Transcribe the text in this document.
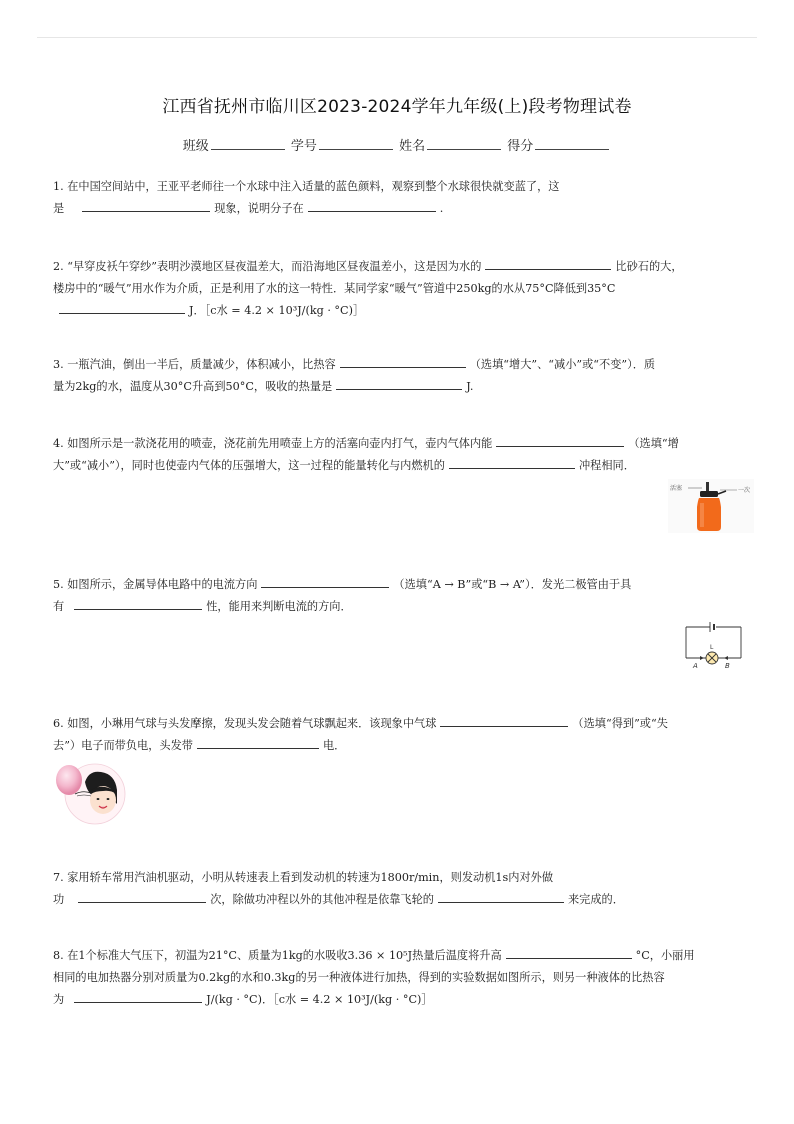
江西省抚州市临川区2023-2024学年九年级(上)段考物理试卷
班级	学号	姓名	得分
1. 在中国空间站中，王亚平老师往一个水球中注入适量的蓝色颜料，观察到整个水球很快就变蓝了，这
是	现象，说明分子在	.
2. “早穿皮袄午穿纱”表明沙漠地区昼夜温差大，而沿海地区昼夜温差小，这是因为水的	比砂石的大，
楼房中的“暖气”用水作为介质，正是利用了水的这一特性．某同学家“暖气”管道中250kg的水从75°C降低到35°C
J．［c水 = 4.2 × 10³J/(kg · °C)］
3. 一瓶汽油，倒出一半后，质量减少，体积减小，比热容	（选填“增大”、“减小”或“不变”）．质
量为2kg的水，温度从30°C升高到50°C，吸收的热量是	J.
4. 如图所示是一款浇花用的喷壶，浇花前先用喷壶上方的活塞向壶内打气，壶内气体内能	（选填“增
大”或“减小”），同时也使壶内气体的压强增大，这一过程的能量转化与内燃机的	冲程相同．
活塞	一次
5. 如图所示，金属导体电路中的电流方向	（选填“A → B”或“B → A”）．发光二极管由于具
有	性，能用来判断电流的方向．
L
A	B
6. 如图，小琳用气球与头发摩擦，发现头发会随着气球飘起来．该现象中气球	（选填“得到”或“失
去”）电子而带负电，头发带	电．
7. 家用轿车常用汽油机驱动，小明从转速表上看到发动机的转速为1800r/min，则发动机1s内对外做
功	次，除做功冲程以外的其他冲程是依靠飞轮的	来完成的．
8. 在1个标准大气压下，初温为21°C、质量为1kg的水吸收3.36 × 10⁵J热量后温度将升高	°C，小丽用
相同的电加热器分别对质量为0.2kg的水和0.3kg的另一种液体进行加热，得到的实验数据如图所示，则另一种液体的比热容
为	J/(kg · °C)．［c水 = 4.2 × 10³J/(kg · °C)］
